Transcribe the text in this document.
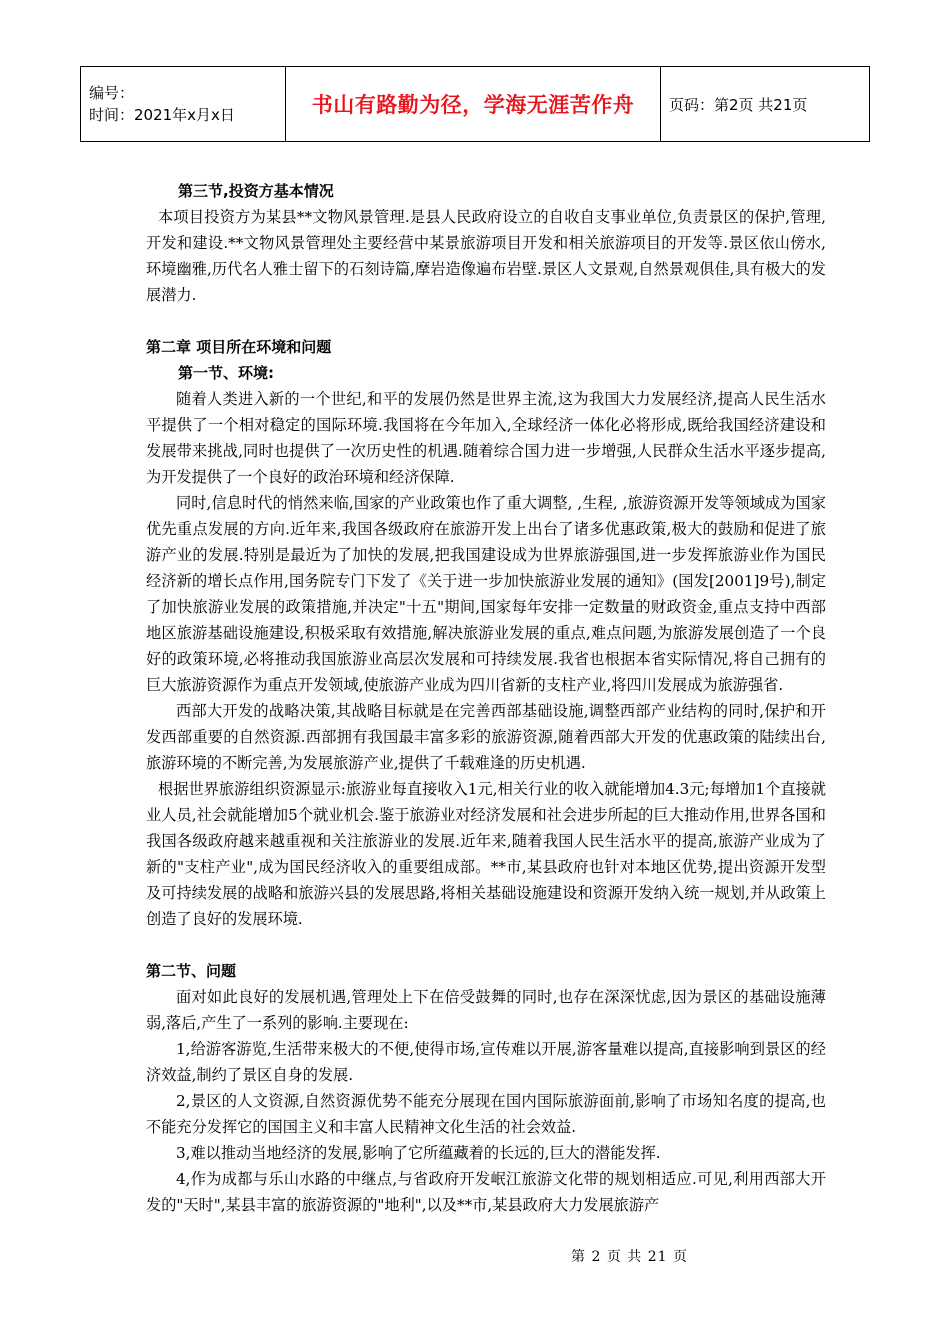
编号：
时间：2021年x月x日	书山有路勤为径，学海无涯苦作舟	页码：第2页 共21页

第三节,投资方基本情况

本项目投资方为某县**文物风景管理.是县人民政府设立的自收自支事业单位,负责景区的保护,管理,开发和建设.**文物风景管理处主要经营中某景旅游项目开发和相关旅游项目的开发等.景区依山傍水,环境幽雅,历代名人雅士留下的石刻诗篇,摩岩造像遍布岩壁.景区人文景观,自然景观俱佳,具有极大的发展潜力.

第二章 项目所在环境和问题

第一节、环境:

随着人类进入新的一个世纪,和平的发展仍然是世界主流,这为我国大力发展经济,提高人民生活水平提供了一个相对稳定的国际环境.我国将在今年加入,全球经济一体化必将形成,既给我国经济建设和发展带来挑战,同时也提供了一次历史性的机遇.随着综合国力进一步增强,人民群众生活水平逐步提高,为开发提供了一个良好的政治环境和经济保障.

同时,信息时代的悄然来临,国家的产业政策也作了重大调整, ,生程, ,旅游资源开发等领域成为国家优先重点发展的方向.近年来,我国各级政府在旅游开发上出台了诸多优惠政策,极大的鼓励和促进了旅游产业的发展.特别是最近为了加快的发展,把我国建设成为世界旅游强国,进一步发挥旅游业作为国民经济新的增长点作用,国务院专门下发了《关于进一步加快旅游业发展的通知》(国发[2001]9号),制定了加快旅游业发展的政策措施,并决定"十五"期间,国家每年安排一定数量的财政资金,重点支持中西部地区旅游基础设施建设,积极采取有效措施,解决旅游业发展的重点,难点问题,为旅游发展创造了一个良好的政策环境,必将推动我国旅游业高层次发展和可持续发展.我省也根据本省实际情况,将自己拥有的巨大旅游资源作为重点开发领域,使旅游产业成为四川省新的支柱产业,将四川发展成为旅游强省.

西部大开发的战略决策,其战略目标就是在完善西部基础设施,调整西部产业结构的同时,保护和开发西部重要的自然资源.西部拥有我国最丰富多彩的旅游资源,随着西部大开发的优惠政策的陆续出台,旅游环境的不断完善,为发展旅游产业,提供了千载难逢的历史机遇.

根据世界旅游组织资源显示:旅游业每直接收入1元,相关行业的收入就能增加4.3元;每增加1个直接就业人员,社会就能增加5个就业机会.鉴于旅游业对经济发展和社会进步所起的巨大推动作用,世界各国和我国各级政府越来越重视和关注旅游业的发展.近年来,随着我国人民生活水平的提高,旅游产业成为了新的"支柱产业",成为国民经济收入的重要组成部。**市,某县政府也针对本地区优势,提出资源开发型及可持续发展的战略和旅游兴县的发展思路,将相关基础设施建设和资源开发纳入统一规划,并从政策上创造了良好的发展环境.

第二节、问题

面对如此良好的发展机遇,管理处上下在倍受鼓舞的同时,也存在深深忧虑,因为景区的基础设施薄弱,落后,产生了一系列的影响.主要现在:

1,给游客游览,生活带来极大的不便,使得市场,宣传难以开展,游客量难以提高,直接影响到景区的经济效益,制约了景区自身的发展.

2,景区的人文资源,自然资源优势不能充分展现在国内国际旅游面前,影响了市场知名度的提高,也不能充分发挥它的国国主义和丰富人民精神文化生活的社会效益.

3,难以推动当地经济的发展,影响了它所蕴藏着的长远的,巨大的潜能发挥.

4,作为成都与乐山水路的中继点,与省政府开发岷江旅游文化带的规划相适应.可见,利用西部大开发的"天时",某县丰富的旅游资源的"地利",以及**市,某县政府大力发展旅游产

第 2 页 共 21 页
